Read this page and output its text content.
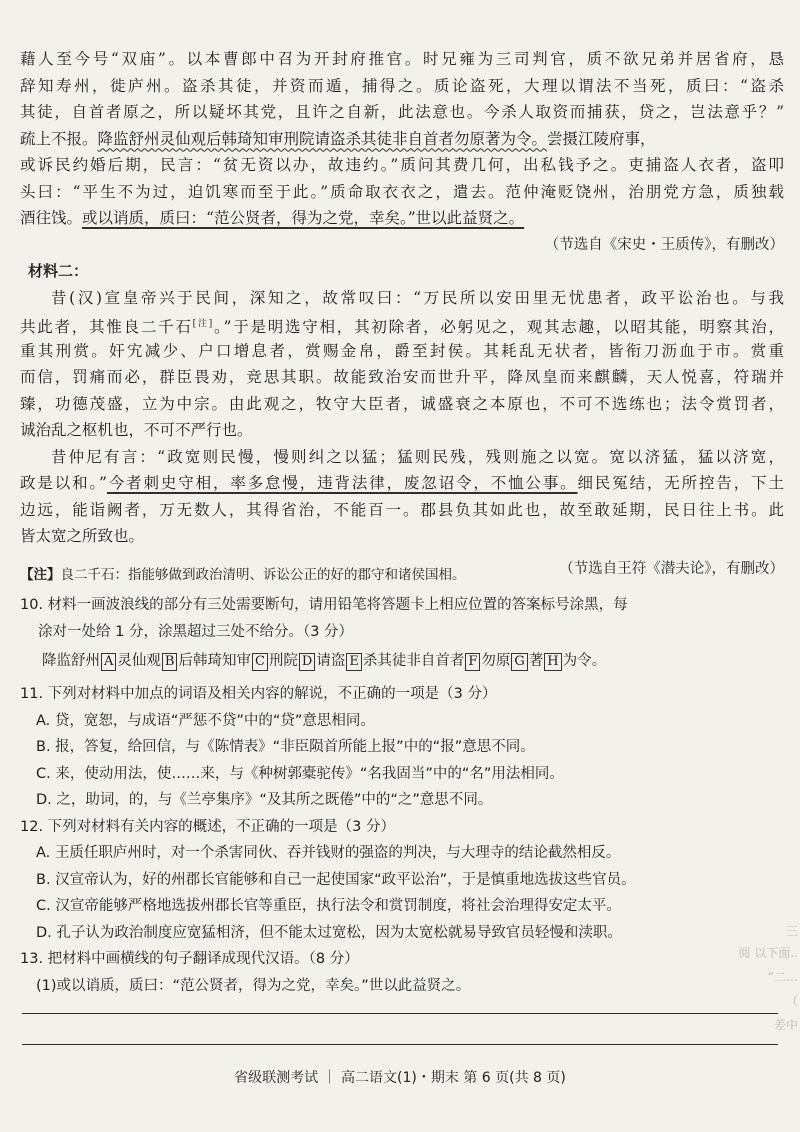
藉人至今号“双庙”。以本曹郎中召为开封府推官。时兄雍为三司判官，质不欲兄弟并居省府，恳
辞知寿州，徙庐州。盗杀其徒，并资而遁，捕得之。质论盗死，大理以谓法不当死，质曰：“盗杀
其徒，自首者原之，所以疑坏其党，且许之自新，此法意也。今杀人取资而捕获，贷之，岂法意乎？”
疏上不报。降监舒州灵仙观后韩琦知审刑院请盗杀其徒非自首者勿原著为令。尝摄江陵府事，
或诉民约婚后期，民言：“贫无资以办，故违约。”质问其费几何，出私钱予之。吏捕盗人衣者，盗叩
头曰：“平生不为过，迫饥寒而至于此。”质命取衣衣之，遣去。范仲淹贬饶州，治朋党方急，质独载
酒往饯。或以诮质，质曰：“范公贤者，得为之党，幸矣。”世以此益贤之。
（节选自《宋史・王质传》，有删改）
材料二：
昔(汉)宣皇帝兴于民间，深知之，故常叹曰：“万民所以安田里无忧患者，政平讼治也。与我
共此者，其惟良二千石[注]。”于是明选守相，其初除者，必躬见之，观其志趣，以昭其能，明察其治，
重其刑赏。奸宄减少、户口增息者，赏赐金帛，爵至封侯。其耗乱无状者，皆衔刀沥血于市。赏重
而信，罚痛而必，群臣畏劝，竞思其职。故能致治安而世升平，降凤皇而来麒麟，天人悦喜，符瑞并
臻，功德茂盛，立为中宗。由此观之，牧守大臣者，诚盛衰之本原也，不可不选练也；法令赏罚者，
诚治乱之枢机也，不可不严行也。
昔仲尼有言：“政宽则民慢，慢则纠之以猛；猛则民残，残则施之以宽。宽以济猛，猛以济宽，
政是以和。”今者刺史守相，率多怠慢，违背法律，废忽诏令，不恤公事。细民冤结，无所控告，下土
边远，能诣阙者，万无数人，其得省治，不能百一。郡县负其如此也，故至敢延期，民日往上书。此
皆太宽之所致也。
（节选自王符《潜夫论》，有删改）
【注】良二千石：指能够做到政治清明、诉讼公正的好的郡守和诸侯国相。
10. 材料一画波浪线的部分有三处需要断句，请用铅笔将答题卡上相应位置的答案标号涂黑，每
涂对一处给 1 分，涂黑超过三处不给分。（3 分）
降监舒州 A 灵仙观 B 后韩琦知审 C 刑院 D 请盗 E 杀其徒非自首者 F 勿原 G 著 H 为令。
11. 下列对材料中加点的词语及相关内容的解说，不正确的一项是（3 分）
A. 贷，宽恕，与成语“严惩不贷”中的“贷”意思相同。
B. 报，答复，给回信，与《陈情表》“非臣陨首所能上报”中的“报”意思不同。
C. 来，使动用法，使……来，与《种树郭橐驼传》“名我固当”中的“名”用法相同。
D. 之，助词，的，与《兰亭集序》“及其所之既倦”中的“之”意思不同。
12. 下列对材料有关内容的概述，不正确的一项是（3 分）
A. 王质任职庐州时，对一个杀害同伙、吞并钱财的强盗的判决，与大理寺的结论截然相反。
B. 汉宣帝认为，好的州郡长官能够和自己一起使国家“政平讼治”，于是慎重地选拔这些官员。
C. 汉宣帝能够严格地选拔州郡长官等重臣，执行法令和赏罚制度，将社会治理得安定太平。
D. 孔子认为政治制度应宽猛相济，但不能太过宽松，因为太宽松就易导致官员轻慢和渎职。
13. 把材料中画横线的句子翻译成现代汉语。（8 分）
(1)或以诮质，质曰：“范公贤者，得为之党，幸矣。”世以此益贤之。
三
阅 以下面..
“二…
（
差中
省级联测考试 ｜ 高二语文(1)・期末 第 6 页(共 8 页)
